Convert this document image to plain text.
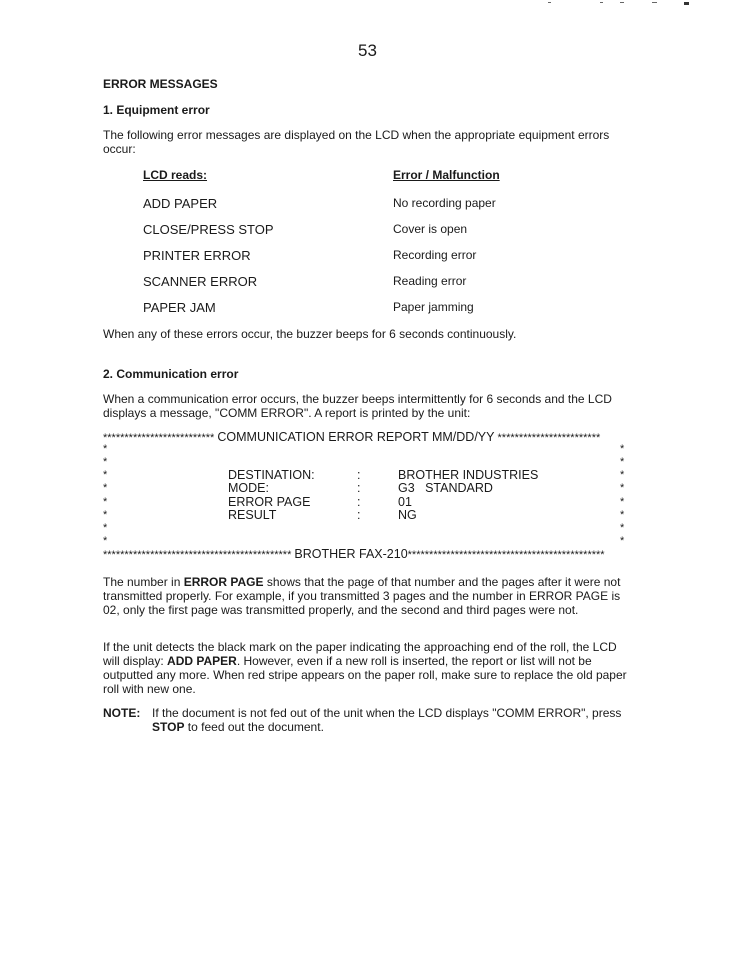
53
ERROR MESSAGES
1. Equipment error
The following error messages are displayed on the LCD when the appropriate equipment errors occur:
LCD reads:	Error / Malfunction
ADD PAPER	No recording paper
CLOSE/PRESS STOP	Cover is open
PRINTER ERROR	Recording error
SCANNER ERROR	Reading error
PAPER JAM	Paper jamming
When any of these errors occur, the buzzer beeps for 6 seconds continuously.
2. Communication error
When a communication error occurs, the buzzer beeps intermittently for 6 seconds and the LCD displays a message, "COMM ERROR". A report is printed by the unit:
************************** COMMUNICATION ERROR REPORT MM/DD/YY ************************
*	*
*	*
*	*
*	*
*	*
*	*
*	*
*	*
DESTINATION:	:	BROTHER INDUSTRIES
MODE:	:	G3   STANDARD
ERROR PAGE	:	01
RESULT	:	NG
******************************************** BROTHER FAX-210**********************************************
The number in ERROR PAGE shows that the page of that number and the pages after it were not transmitted properly. For example, if you transmitted 3 pages and the number in ERROR PAGE is 02, only the first page was transmitted properly, and the second and third pages were not.
If the unit detects the black mark on the paper indicating the approaching end of the roll, the LCD will display: ADD PAPER. However, even if a new roll is inserted, the report or list will not be outputted any more. When red stripe appears on the paper roll, make sure to replace the old paper roll with new one.
NOTE: If the document is not fed out of the unit when the LCD displays "COMM ERROR", press STOP to feed out the document.
